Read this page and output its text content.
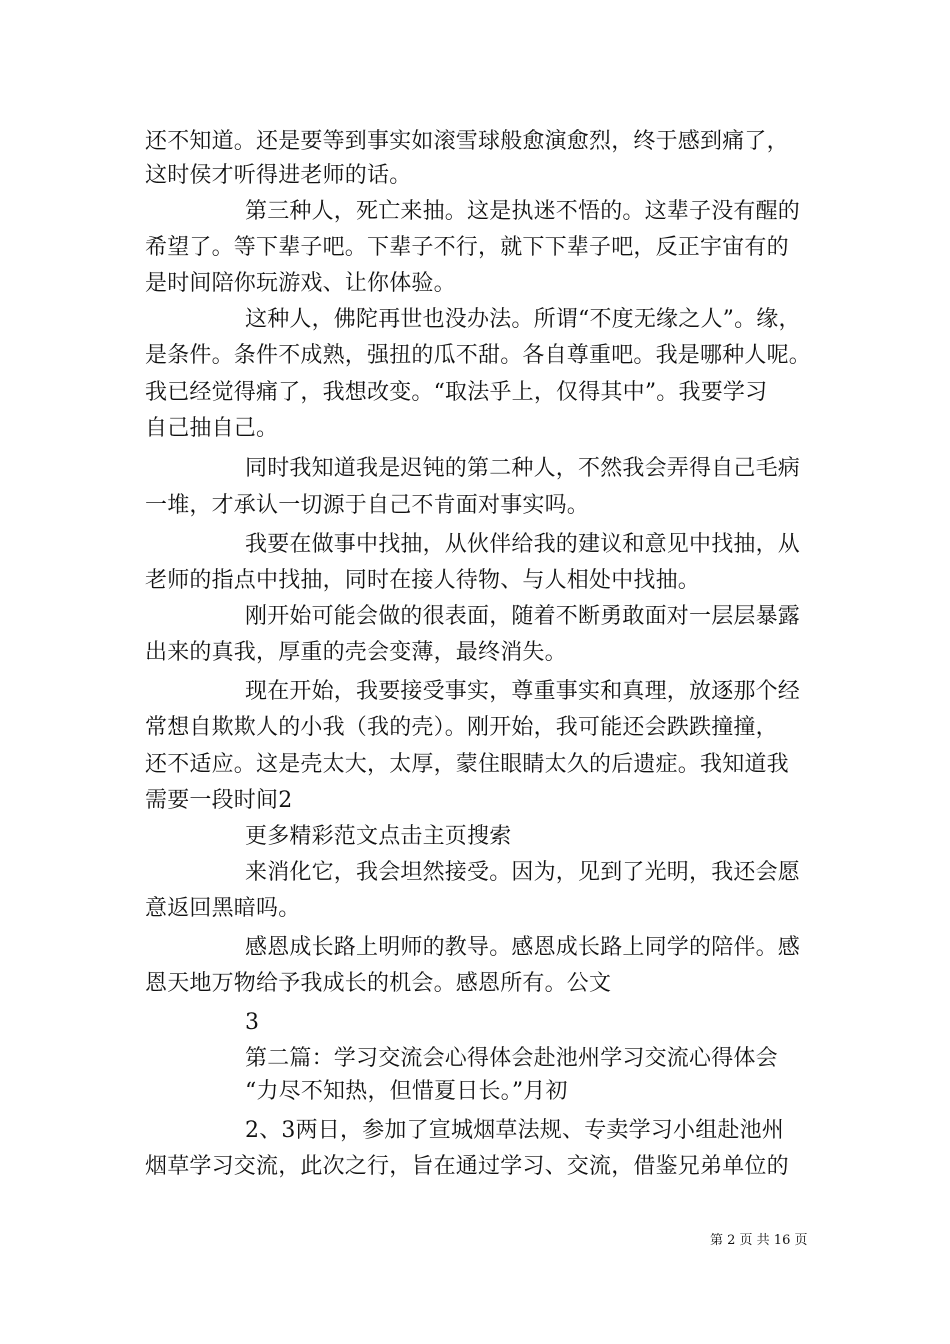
还不知道。还是要等到事实如滚雪球般愈演愈烈，终于感到痛了，
这时侯才听得进老师的话。
第三种人，死亡来抽。这是执迷不悟的。这辈子没有醒的
希望了。等下辈子吧。下辈子不行，就下下辈子吧，反正宇宙有的
是时间陪你玩游戏、让你体验。
这种人，佛陀再世也没办法。所谓“不度无缘之人”。缘，
是条件。条件不成熟，强扭的瓜不甜。各自尊重吧。我是哪种人呢。
我已经觉得痛了，我想改变。“取法乎上，仅得其中”。我要学习
自己抽自己。
同时我知道我是迟钝的第二种人，不然我会弄得自己毛病
一堆，才承认一切源于自己不肯面对事实吗。
我要在做事中找抽，从伙伴给我的建议和意见中找抽，从
老师的指点中找抽，同时在接人待物、与人相处中找抽。
刚开始可能会做的很表面，随着不断勇敢面对一层层暴露
出来的真我，厚重的壳会变薄，最终消失。
现在开始，我要接受事实，尊重事实和真理，放逐那个经
常想自欺欺人的小我（我的壳）。刚开始，我可能还会跌跌撞撞，
还不适应。这是壳太大，太厚，蒙住眼睛太久的后遗症。我知道我
需要一段时间2
更多精彩范文点击主页搜索
来消化它，我会坦然接受。因为，见到了光明，我还会愿
意返回黑暗吗。
感恩成长路上明师的教导。感恩成长路上同学的陪伴。感
恩天地万物给予我成长的机会。感恩所有。公文
3
第二篇：学习交流会心得体会赴池州学习交流心得体会
“力尽不知热，但惜夏日长。”月初
2、3两日，参加了宣城烟草法规、专卖学习小组赴池州
烟草学习交流，此次之行，旨在通过学习、交流，借鉴兄弟单位的
第 2 页 共 16 页
